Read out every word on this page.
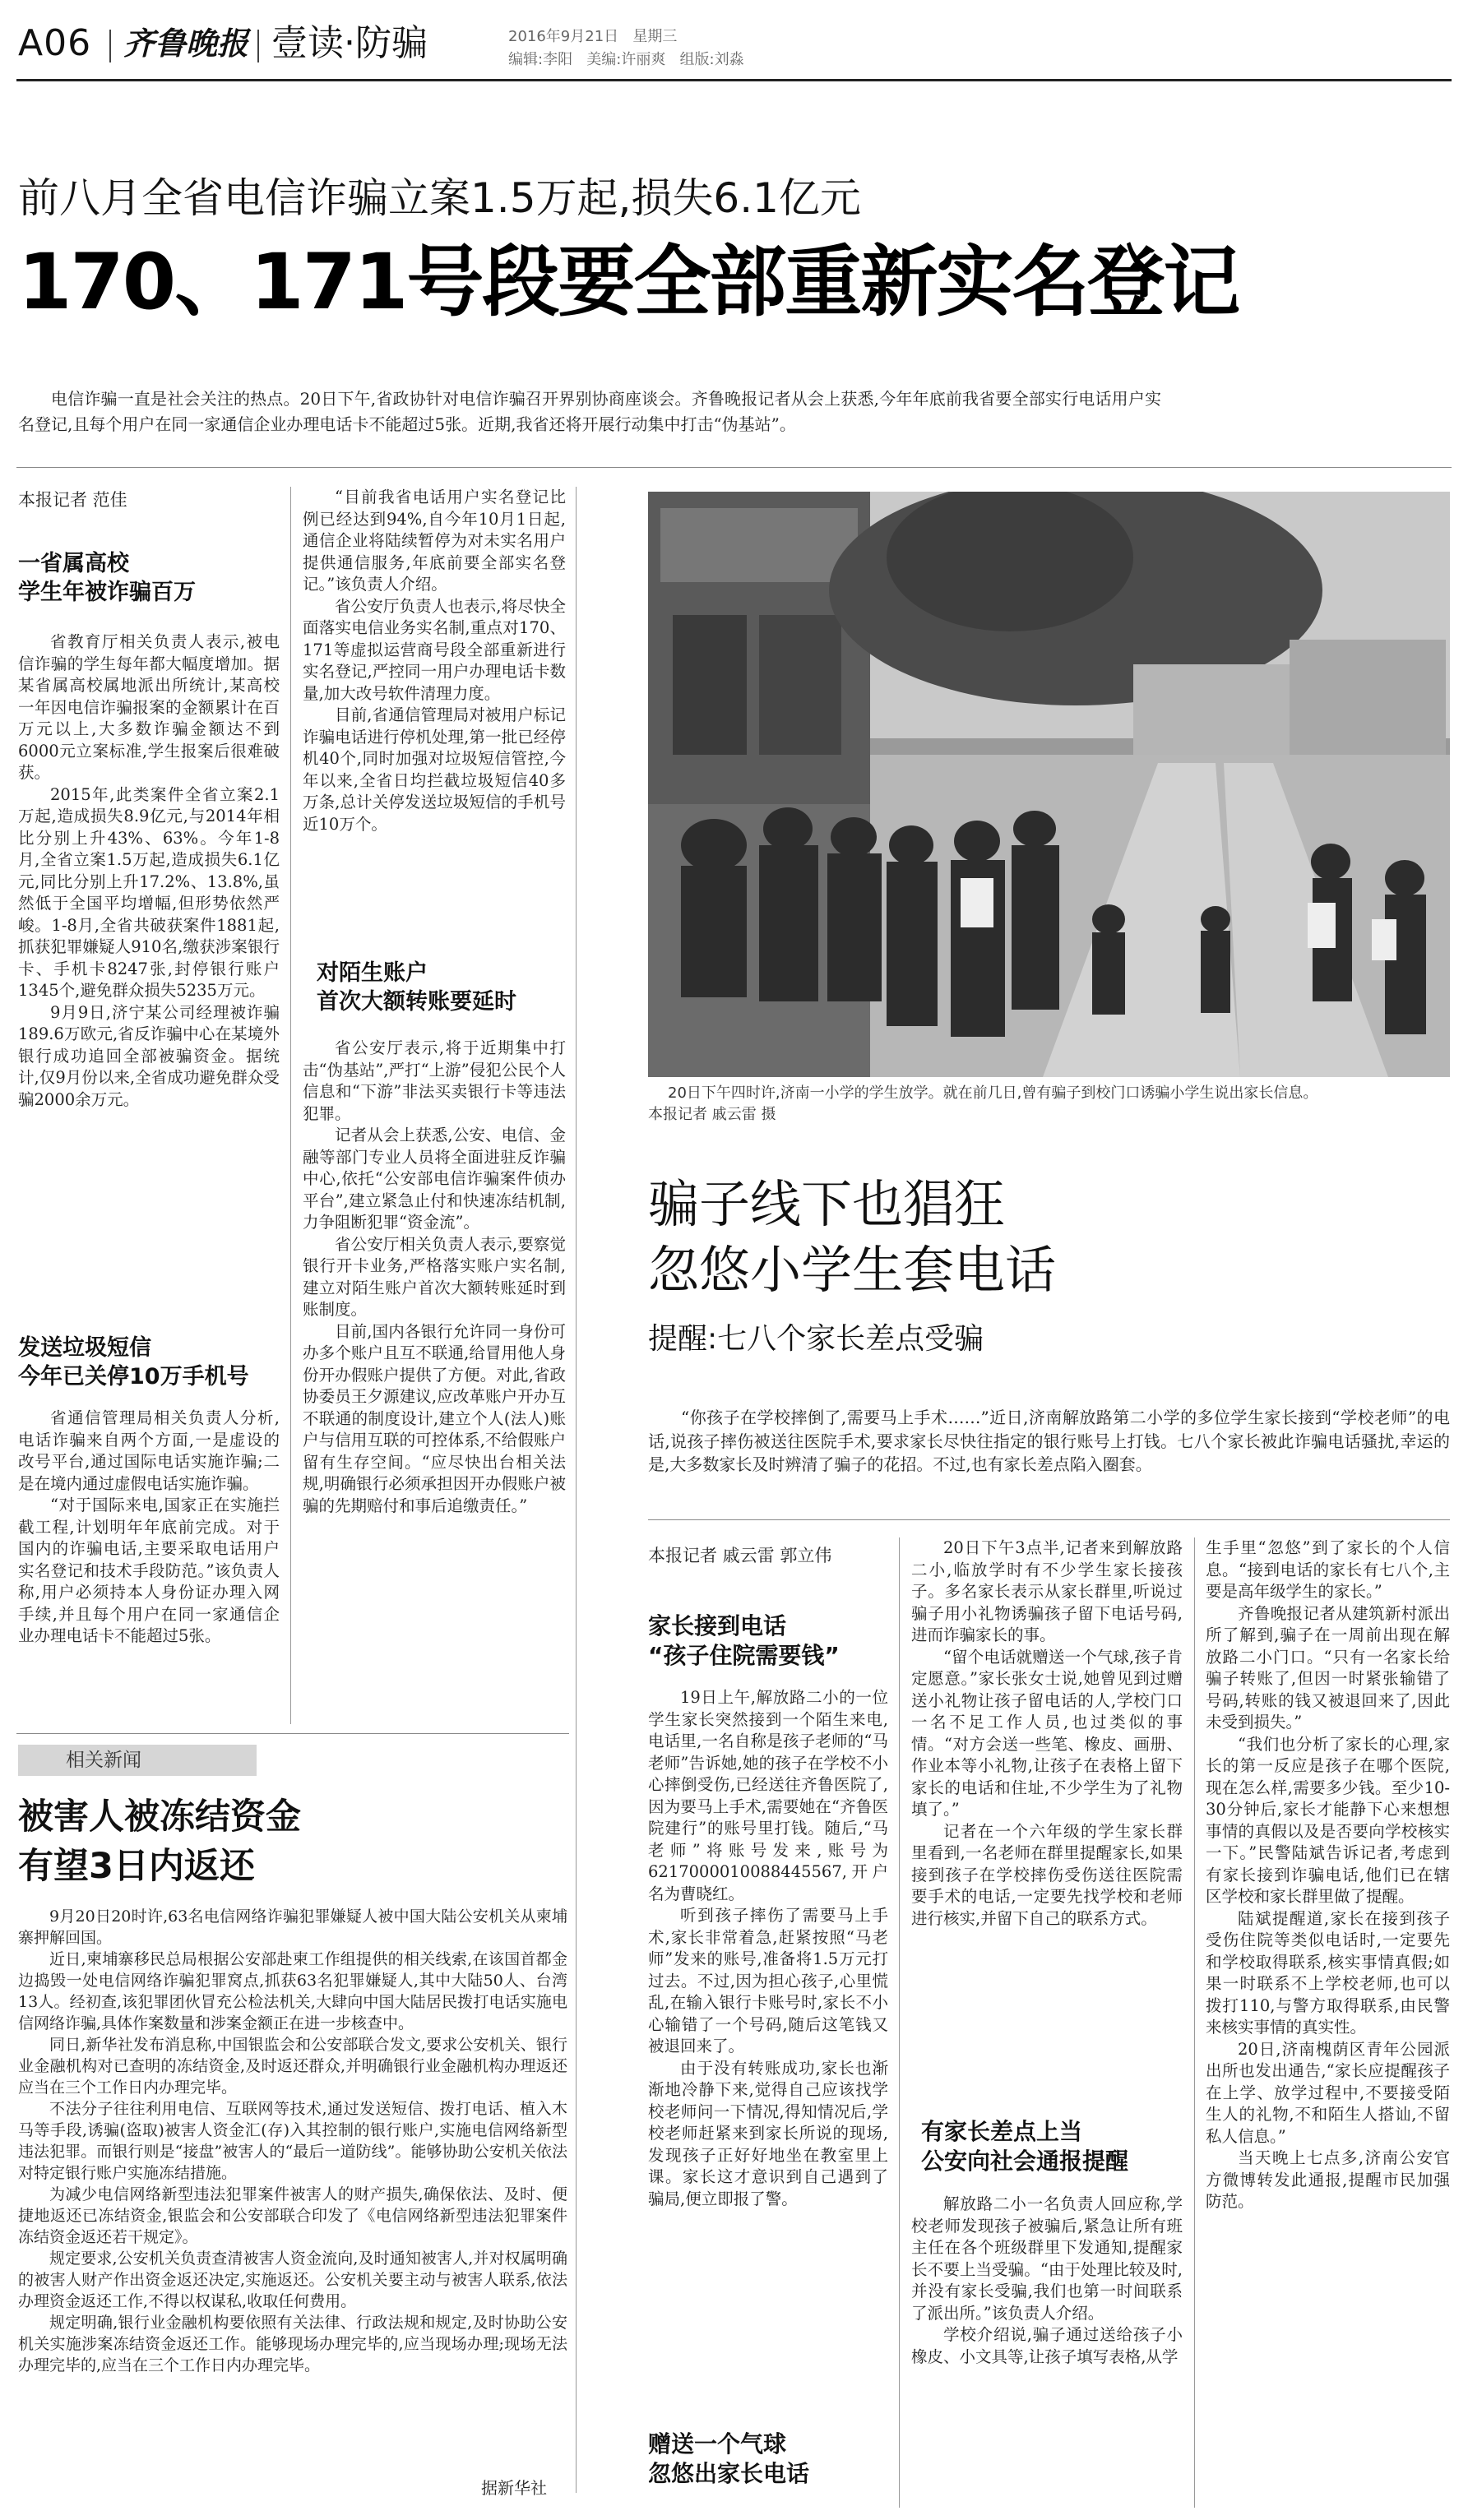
A06 齐鲁晚报 壹读·防骗	2016年9月21日 星期三
编辑:李阳 美编:许丽爽 组版:刘淼
前八月全省电信诈骗立案1.5万起,损失6.1亿元
170、171号段要全部重新实名登记

电信诈骗一直是社会关注的热点。20日下午,省政协针对电信诈骗召开界别协商座谈会。齐鲁晚报记者从会上获悉,今年年底前我省要全部实行电话用户实名登记,且每个用户在同一家通信企业办理电话卡不能超过5张。近期,我省还将开展行动集中打击“伪基站”。

本报记者 范佳
一省属高校
学生年被诈骗百万

省教育厅相关负责人表示,被电信诈骗的学生每年都大幅度增加。据某省属高校属地派出所统计,某高校一年因电信诈骗报案的金额累计在百万元以上,大多数诈骗金额达不到6000元立案标准,学生报案后很难破获。

2015年,此类案件全省立案2.1万起,造成损失8.9亿元,与2014年相比分别上升43%、63%。今年1-8月,全省立案1.5万起,造成损失6.1亿元,同比分别上升17.2%、13.8%,虽然低于全国平均增幅,但形势依然严峻。1-8月,全省共破获案件1881起,抓获犯罪嫌疑人910名,缴获涉案银行卡、手机卡8247张,封停银行账户1345个,避免群众损失5235万元。

9月9日,济宁某公司经理被诈骗189.6万欧元,省反诈骗中心在某境外银行成功追回全部被骗资金。据统计,仅9月份以来,全省成功避免群众受骗2000余万元。

发送垃圾短信
今年已关停10万手机号

省通信管理局相关负责人分析,电话诈骗来自两个方面,一是虚设的改号平台,通过国际电话实施诈骗;二是在境内通过虚假电话实施诈骗。

“对于国际来电,国家正在实施拦截工程,计划明年年底前完成。对于国内的诈骗电话,主要采取电话用户实名登记和技术手段防范。”该负责人称,用户必须持本人身份证办理入网手续,并且每个用户在同一家通信企业办理电话卡不能超过5张。

“目前我省电话用户实名登记比例已经达到94%,自今年10月1日起,通信企业将陆续暂停为对未实名用户提供通信服务,年底前要全部实名登记。”该负责人介绍。

省公安厅负责人也表示,将尽快全面落实电信业务实名制,重点对170、171等虚拟运营商号段全部重新进行实名登记,严控同一用户办理电话卡数量,加大改号软件清理力度。

目前,省通信管理局对被用户标记诈骗电话进行停机处理,第一批已经停机40个,同时加强对垃圾短信管控,今年以来,全省日均拦截垃圾短信40多万条,总计关停发送垃圾短信的手机号近10万个。

对陌生账户
首次大额转账要延时

省公安厅表示,将于近期集中打击“伪基站”,严打“上游”侵犯公民个人信息和“下游”非法买卖银行卡等违法犯罪。

记者从会上获悉,公安、电信、金融等部门专业人员将全面进驻反诈骗中心,依托“公安部电信诈骗案件侦办平台”,建立紧急止付和快速冻结机制,力争阻断犯罪“资金流”。

省公安厅相关负责人表示,要察觉银行开卡业务,严格落实账户实名制,建立对陌生账户首次大额转账延时到账制度。

目前,国内各银行允许同一身份可办多个账户且互不联通,给冒用他人身份开办假账户提供了方便。对此,省政协委员王夕源建议,应改革账户开办互不联通的制度设计,建立个人(法人)账户与信用互联的可控体系,不给假账户留有生存空间。“应尽快出台相关法规,明确银行必须承担因开办假账户被骗的先期赔付和事后追缴责任。”

相关新闻
被害人被冻结资金
有望3日内返还

9月20日20时许,63名电信网络诈骗犯罪嫌疑人被中国大陆公安机关从柬埔寨押解回国。

近日,柬埔寨移民总局根据公安部赴柬工作组提供的相关线索,在该国首都金边捣毁一处电信网络诈骗犯罪窝点,抓获63名犯罪嫌疑人,其中大陆50人、台湾13人。经初查,该犯罪团伙冒充公检法机关,大肆向中国大陆居民拨打电话实施电信网络诈骗,具体作案数量和涉案金额正在进一步核查中。

同日,新华社发布消息称,中国银监会和公安部联合发文,要求公安机关、银行业金融机构对已查明的冻结资金,及时返还群众,并明确银行业金融机构办理返还应当在三个工作日内办理完毕。

不法分子往往利用电信、互联网等技术,通过发送短信、拨打电话、植入木马等手段,诱骗(盗取)被害人资金汇(存)入其控制的银行账户,实施电信网络新型违法犯罪。而银行则是“接盘”被害人的“最后一道防线”。能够协助公安机关依法对特定银行账户实施冻结措施。

为减少电信网络新型违法犯罪案件被害人的财产损失,确保依法、及时、便捷地返还已冻结资金,银监会和公安部联合印发了《电信网络新型违法犯罪案件冻结资金返还若干规定》。

规定要求,公安机关负责查清被害人资金流向,及时通知被害人,并对权属明确的被害人财产作出资金返还决定,实施返还。公安机关要主动与被害人联系,依法办理资金返还工作,不得以权谋私,收取任何费用。

规定明确,银行业金融机构要依照有关法律、行政法规和规定,及时协助公安机关实施涉案冻结资金返还工作。能够现场办理完毕的,应当现场办理;现场无法办理完毕的,应当在三个工作日内办理完毕。

据新华社
20日下午四时许,济南一小学的学生放学。就在前几日,曾有骗子到校门口诱骗小学生说出家长信息。
本报记者 戚云雷 摄
骗子线下也猖狂
忽悠小学生套电话
提醒:七八个家长差点受骗

“你孩子在学校摔倒了,需要马上手术……”近日,济南解放路第二小学的多位学生家长接到“学校老师”的电话,说孩子摔伤被送往医院手术,要求家长尽快往指定的银行账号上打钱。七八个家长被此诈骗电话骚扰,幸运的是,大多数家长及时辨清了骗子的花招。不过,也有家长差点陷入圈套。

本报记者 戚云雷 郭立伟
家长接到电话
“孩子住院需要钱”

19日上午,解放路二小的一位学生家长突然接到一个陌生来电,电话里,一名自称是孩子老师的“马老师”告诉她,她的孩子在学校不小心摔倒受伤,已经送往齐鲁医院了,因为要马上手术,需要她在“齐鲁医院建行”的账号里打钱。随后,“马老师”将账号发来,账号为6217000010088445567,开户名为曹晓红。

听到孩子摔伤了需要马上手术,家长非常着急,赶紧按照“马老师”发来的账号,准备将1.5万元打过去。不过,因为担心孩子,心里慌乱,在输入银行卡账号时,家长不小心输错了一个号码,随后这笔钱又被退回来了。

由于没有转账成功,家长也渐渐地冷静下来,觉得自己应该找学校老师问一下情况,得知情况后,学校老师赶紧来到家长所说的现场,发现孩子正好好地坐在教室里上课。家长这才意识到自己遇到了骗局,便立即报了警。

赠送一个气球
忽悠出家长电话

20日下午3点半,记者来到解放路二小,临放学时有不少学生家长接孩子。多名家长表示从家长群里,听说过骗子用小礼物诱骗孩子留下电话号码,进而诈骗家长的事。

“留个电话就赠送一个气球,孩子肯定愿意。”家长张女士说,她曾见到过赠送小礼物让孩子留电话的人,学校门口一名不足工作人员,也过类似的事情。“对方会送一些笔、橡皮、画册、作业本等小礼物,让孩子在表格上留下家长的电话和住址,不少学生为了礼物填了。”

记者在一个六年级的学生家长群里看到,一名老师在群里提醒家长,如果接到孩子在学校摔伤受伤送往医院需要手术的电话,一定要先找学校和老师进行核实,并留下自己的联系方式。

有家长差点上当
公安向社会通报提醒

解放路二小一名负责人回应称,学校老师发现孩子被骗后,紧急让所有班主任在各个班级群里下发通知,提醒家长不要上当受骗。“由于处理比较及时,并没有家长受骗,我们也第一时间联系了派出所。”该负责人介绍。

学校介绍说,骗子通过送给孩子小橡皮、小文具等,让孩子填写表格,从学

生手里“忽悠”到了家长的个人信息。“接到电话的家长有七八个,主要是高年级学生的家长。”

齐鲁晚报记者从建筑新村派出所了解到,骗子在一周前出现在解放路二小门口。“只有一名家长给骗子转账了,但因一时紧张输错了号码,转账的钱又被退回来了,因此未受到损失。”

“我们也分析了家长的心理,家长的第一反应是孩子在哪个医院,现在怎么样,需要多少钱。至少10-30分钟后,家长才能静下心来想想事情的真假以及是否要向学校核实一下。”民警陆斌告诉记者,考虑到有家长接到诈骗电话,他们已在辖区学校和家长群里做了提醒。

陆斌提醒道,家长在接到孩子受伤住院等类似电话时,一定要先和学校取得联系,核实事情真假;如果一时联系不上学校老师,也可以拨打110,与警方取得联系,由民警来核实事情的真实性。

20日,济南槐荫区青年公园派出所也发出通告,“家长应提醒孩子在上学、放学过程中,不要接受陌生人的礼物,不和陌生人搭讪,不留私人信息。”

当天晚上七点多,济南公安官方微博转发此通报,提醒市民加强防范。
